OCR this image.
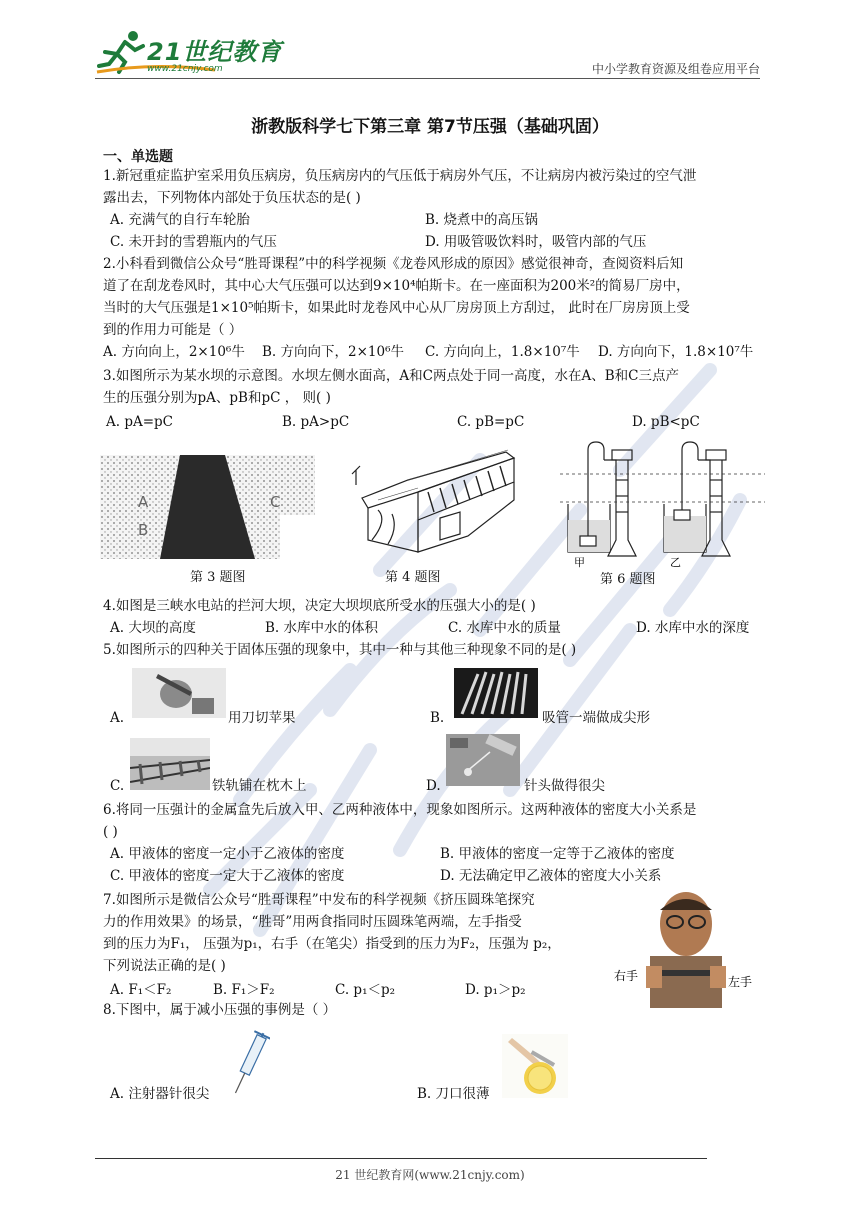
21世纪教育
www.21cnjy.com	中小学教育资源及组卷应用平台
浙教版科学七下第三章 第7节压强（基础巩固）
一、单选题
1.新冠重症监护室采用负压病房，负压病房内的气压低于病房外气压，不让病房内被污染过的空气泄
露出去，下列物体内部处于负压状态的是( )
A. 充满气的自行车轮胎	B. 烧煮中的高压锅
C. 未开封的雪碧瓶内的气压	D. 用吸管吸饮料时，吸管内部的气压
2.小科看到微信公众号“胜哥课程”中的科学视频《龙卷风形成的原因》感觉很神奇，查阅资料后知
道了在刮龙卷风时，其中心大气压强可以达到9×10⁴帕斯卡。在一座面积为200米²的简易厂房中，
当时的大气压强是1×10⁵帕斯卡，如果此时龙卷风中心从厂房房顶上方刮过， 此时在厂房房顶上受
到的作用力可能是（ ）
A. 方向向上，2×10⁶牛 B. 方向向下，2×10⁶牛 C. 方向向上，1.8×10⁷牛 D. 方向向下，1.8×10⁷牛
3.如图所示为某水坝的示意图。水坝左侧水面高，A和C两点处于同一高度，水在A、B和C三点产
生的压强分别为pA、pB和pC ， 则( )
A. pA=pC	B. pA>pC	C. pB=pC	D. pB<pC
A
B
C
第 3 题图	第 4 题图
甲	乙
第 6 题图
4.如图是三峡水电站的拦河大坝，决定大坝坝底所受水的压强大小的是( )
A. 大坝的高度	B. 水库中水的体积	C. 水库中水的质量	D. 水库中水的深度
5.如图所示的四种关于固体压强的现象中，其中一种与其他三种现象不同的是( )
A.	用刀切苹果	B.	吸管一端做成尖形
C.	铁轨铺在枕木上	D.	针头做得很尖
6.将同一压强计的金属盒先后放入甲、乙两种液体中，现象如图所示。这两种液体的密度大小关系是
( )
A. 甲液体的密度一定小于乙液体的密度	B. 甲液体的密度一定等于乙液体的密度
C. 甲液体的密度一定大于乙液体的密度	D. 无法确定甲乙液体的密度大小关系
7.如图所示是微信公众号“胜哥课程”中发布的科学视频《挤压圆珠笔探究
力的作用效果》的场景，“胜哥”用两食指同时压圆珠笔两端，左手指受
到的压力为F₁， 压强为p₁，右手（在笔尖）指受到的压力为F₂，压强为 p₂，
下列说法正确的是( )
A. F₁＜F₂	B. F₁＞F₂	C. p₁＜p₂	D. p₁＞p₂
右手	左手
8.下图中，属于减小压强的事例是（ ）
A. 注射器针很尖	B. 刀口很薄
21 世纪教育网(www.21cnjy.com)
